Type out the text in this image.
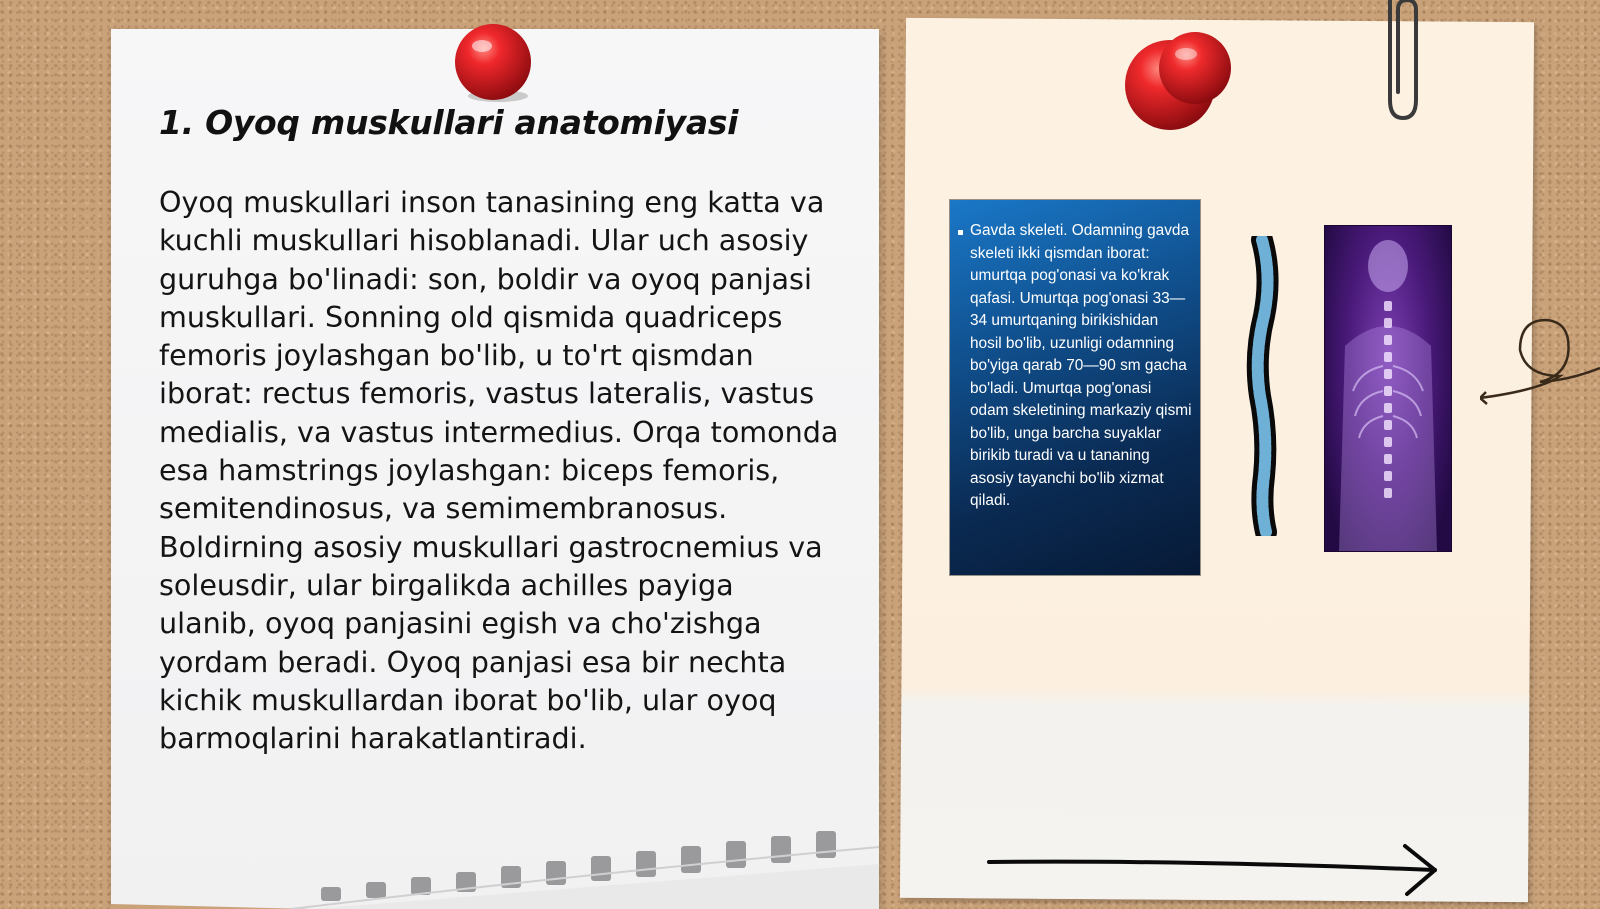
1. Oyoq muskullari anatomiyasi

Oyoq muskullari inson tanasining eng katta va kuchli muskullari hisoblanadi. Ular uch asosiy guruhga bo'linadi: son, boldir va oyoq panjasi muskullari. Sonning old qismida quadriceps femoris joylashgan bo'lib, u to'rt qismdan iborat: rectus femoris, vastus lateralis, vastus medialis, va vastus intermedius. Orqa tomonda esa hamstrings joylashgan: biceps femoris, semitendinosus, va semimembranosus. Boldirning asosiy muskullari gastrocnemius va soleusdir, ular birgalikda achilles payiga ulanib, oyoq panjasini egish va cho'zishga yordam beradi. Oyoq panjasi esa bir nechta kichik muskullardan iborat bo'lib, ular oyoq barmoqlarini harakatlantiradi.

Gavda skeleti. Odamning gavda skeleti ikki qismdan iborat: umurtqa pog'onasi va ko'krak qafasi. Umurtqa pog'onasi 33—34 umurtqaning birikishidan hosil bo'lib, uzunligi odamning bo'yiga qarab 70—90 sm gacha bo'ladi. Umurtqa pog'onasi odam skeletining markaziy qismi bo'lib, unga barcha suyaklar birikib turadi va u tananing asosiy tayanchi bo'lib xizmat qiladi.
